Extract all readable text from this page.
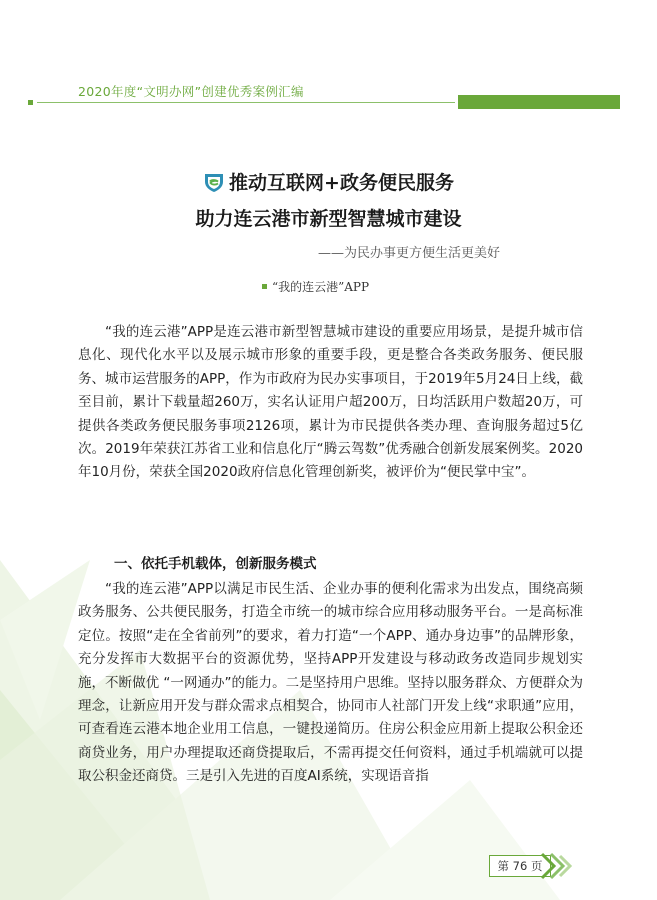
2020年度“文明办网”创建优秀案例汇编
推动互联网+政务便民服务
助力连云港市新型智慧城市建设
——为民办事更方便生活更美好
“我的连云港”APP
“我的连云港”APP是连云港市新型智慧城市建设的重要应用场景，是提升城市信息化、现代化水平以及展示城市形象的重要手段，更是整合各类政务服务、便民服务、城市运营服务的APP，作为市政府为民办实事项目，于2019年5月24日上线，截至目前，累计下载量超260万，实名认证用户超200万，日均活跃用户数超20万，可提供各类政务便民服务事项2126项，累计为市民提供各类办理、查询服务超过5亿次。2019年荣获江苏省工业和信息化厅“腾云驾数”优秀融合创新发展案例奖。2020年10月份，荣获全国2020政府信息化管理创新奖，被评价为“便民掌中宝”。
一、依托手机载体，创新服务模式
“我的连云港”APP以满足市民生活、企业办事的便利化需求为出发点，围绕高频政务服务、公共便民服务，打造全市统一的城市综合应用移动服务平台。一是高标准定位。按照“走在全省前列”的要求，着力打造“一个APP、通办身边事”的品牌形象，充分发挥市大数据平台的资源优势，坚持APP开发建设与移动政务改造同步规划实施，不断做优 “一网通办”的能力。二是坚持用户思维。坚持以服务群众、方便群众为理念，让新应用开发与群众需求点相契合，协同市人社部门开发上线“求职通”应用，可查看连云港本地企业用工信息，一键投递简历。住房公积金应用新上提取公积金还商贷业务，用户办理提取还商贷提取后，不需再提交任何资料，通过手机端就可以提取公积金还商贷。三是引入先进的百度AI系统，实现语音指
第 76 页
